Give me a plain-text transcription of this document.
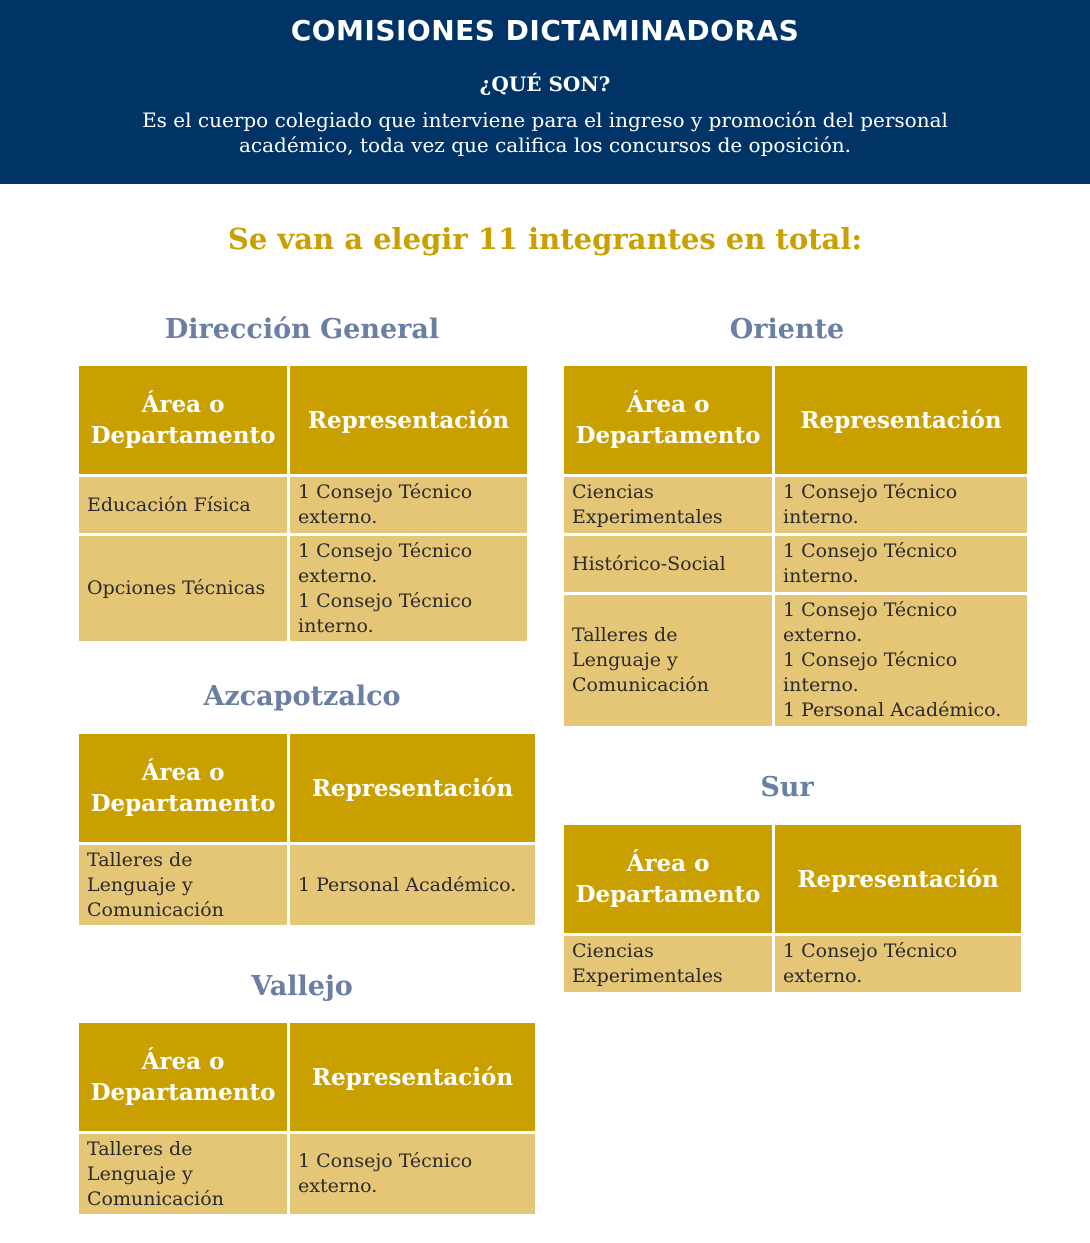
COMISIONES DICTAMINADORAS
¿QUÉ SON?
Es el cuerpo colegiado que interviene para el ingreso y promoción del personal académico, toda vez que califica los concursos de oposición.
Se van a elegir 11 integrantes en total:
Dirección General
Área o
Departamento	Representación
Educación Física	1 Consejo Técnico
externo.

Opciones Técnicas	1 Consejo Técnico
externo.
1 Consejo Técnico
interno.
Azcapotzalco
Área o
Departamento	Representación

Talleres de
Lenguaje y
Comunicación	1 Personal Académico.
Vallejo
Área o
Departamento	Representación

Talleres de
Lenguaje y
Comunicación	1 Consejo Técnico
externo.
Oriente
Área o
Departamento	Representación

Ciencias
Experimentales	1 Consejo Técnico
interno.

Histórico-Social	1 Consejo Técnico
interno.

Talleres de
Lenguaje y
Comunicación	1 Consejo Técnico
externo.
1 Consejo Técnico
interno.
1 Personal Académico.
Sur
Área o
Departamento	Representación

Ciencias
Experimentales	1 Consejo Técnico
externo.
